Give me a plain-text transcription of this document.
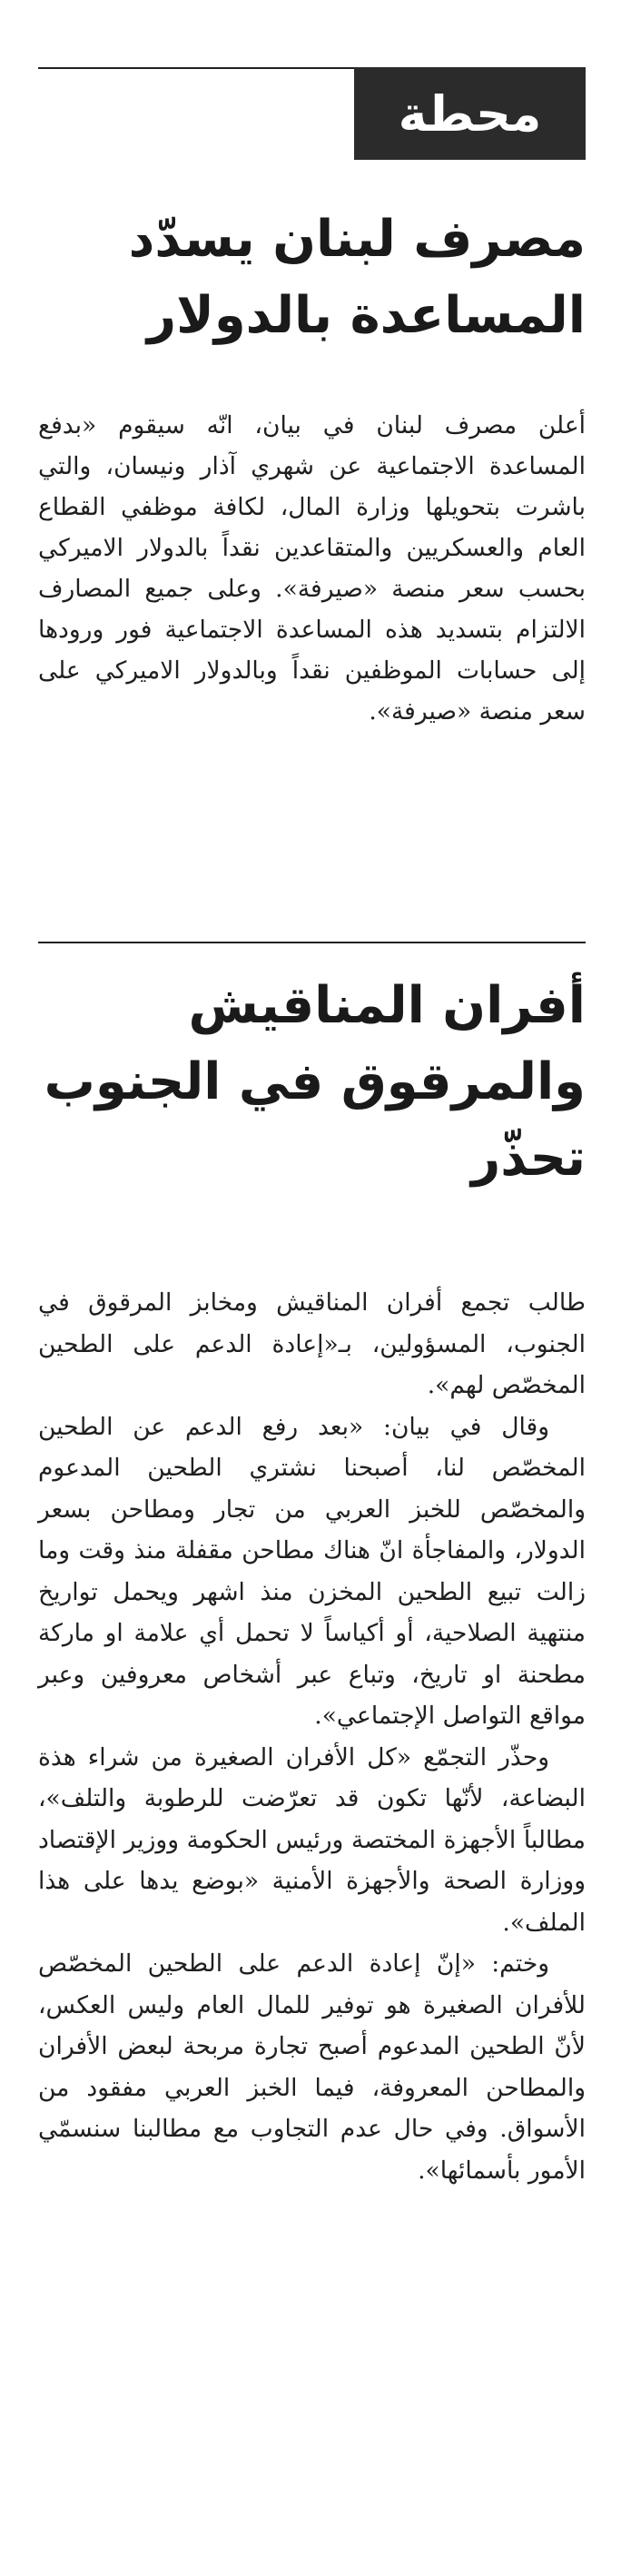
محطة
مصرف لبنان يسدّد المساعدة بالدولار

أعلن مصرف لبنان في بيان، انّه سيقوم «بدفع المساعدة الاجتماعية عن شهري آذار ونيسان، والتي باشرت بتحويلها وزارة المال، لكافة موظفي القطاع العام والعسكريين والمتقاعدين نقداً بالدولار الاميركي بحسب سعر منصة «صيرفة». وعلى جميع المصارف الالتزام بتسديد هذه المساعدة الاجتماعية فور ورودها إلى حسابات الموظفين نقداً وبالدولار الاميركي على سعر منصة «صيرفة».

أفران المناقيش والمرقوق في الجنوب تحذّر

طالب تجمع أفران المناقيش ومخابز المرقوق في الجنوب، المسؤولين، بـ«إعادة الدعم على الطحين المخصّص لهم».

وقال في بيان: «بعد رفع الدعم عن الطحين المخصّص لنا، أصبحنا نشتري الطحين المدعوم والمخصّص للخبز العربي من تجار ومطاحن بسعر الدولار، والمفاجأة انّ هناك مطاحن مقفلة منذ وقت وما زالت تبيع الطحين المخزن منذ اشهر ويحمل تواريخ منتهية الصلاحية، أو أكياساً لا تحمل أي علامة او ماركة مطحنة او تاريخ، وتباع عبر أشخاص معروفين وعبر مواقع التواصل الإجتماعي».

وحذّر التجمّع «كل الأفران الصغيرة من شراء هذة البضاعة، لأنّها تكون قد تعرّضت للرطوبة والتلف»، مطالباً الأجهزة المختصة ورئيس الحكومة ووزير الإقتصاد ووزارة الصحة والأجهزة الأمنية «بوضع يدها على هذا الملف».

وختم: «إنّ إعادة الدعم على الطحين المخصّص للأفران الصغيرة هو توفير للمال العام وليس العكس، لأنّ الطحين المدعوم أصبح تجارة مربحة لبعض الأفران والمطاحن المعروفة، فيما الخبز العربي مفقود من الأسواق. وفي حال عدم التجاوب مع مطالبنا سنسمّي الأمور بأسمائها».
